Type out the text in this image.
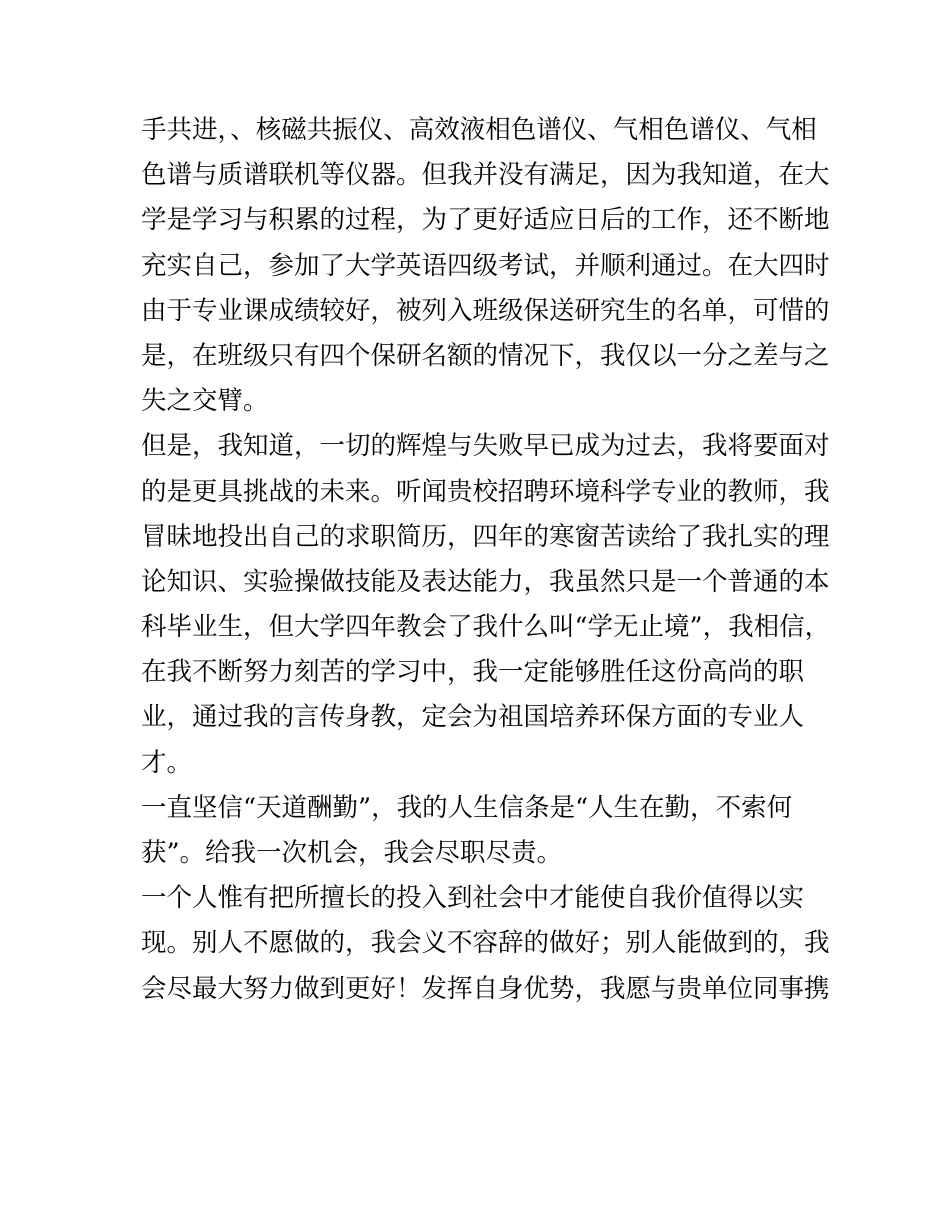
手共进，、核磁共振仪、高效液相色谱仪、气相色谱仪、气相
色谱与质谱联机等仪器。但我并没有满足，因为我知道，在大
学是学习与积累的过程，为了更好适应日后的工作，还不断地
充实自己，参加了大学英语四级考试，并顺利通过。在大四时
由于专业课成绩较好，被列入班级保送研究生的名单，可惜的
是，在班级只有四个保研名额的情况下，我仅以一分之差与之
失之交臂。
但是，我知道，一切的辉煌与失败早已成为过去，我将要面对
的是更具挑战的未来。听闻贵校招聘环境科学专业的教师，我
冒昧地投出自己的求职简历，四年的寒窗苦读给了我扎实的理
论知识、实验操做技能及表达能力，我虽然只是一个普通的本
科毕业生，但大学四年教会了我什么叫“学无止境”，我相信，
在我不断努力刻苦的学习中，我一定能够胜任这份高尚的职
业，通过我的言传身教，定会为祖国培养环保方面的专业人
才。
一直坚信“天道酬勤”，我的人生信条是“人生在勤，不索何
获”。给我一次机会，我会尽职尽责。
一个人惟有把所擅长的投入到社会中才能使自我价值得以实
现。别人不愿做的，我会义不容辞的做好；别人能做到的，我
会尽最大努力做到更好！发挥自身优势，我愿与贵单位同事携
